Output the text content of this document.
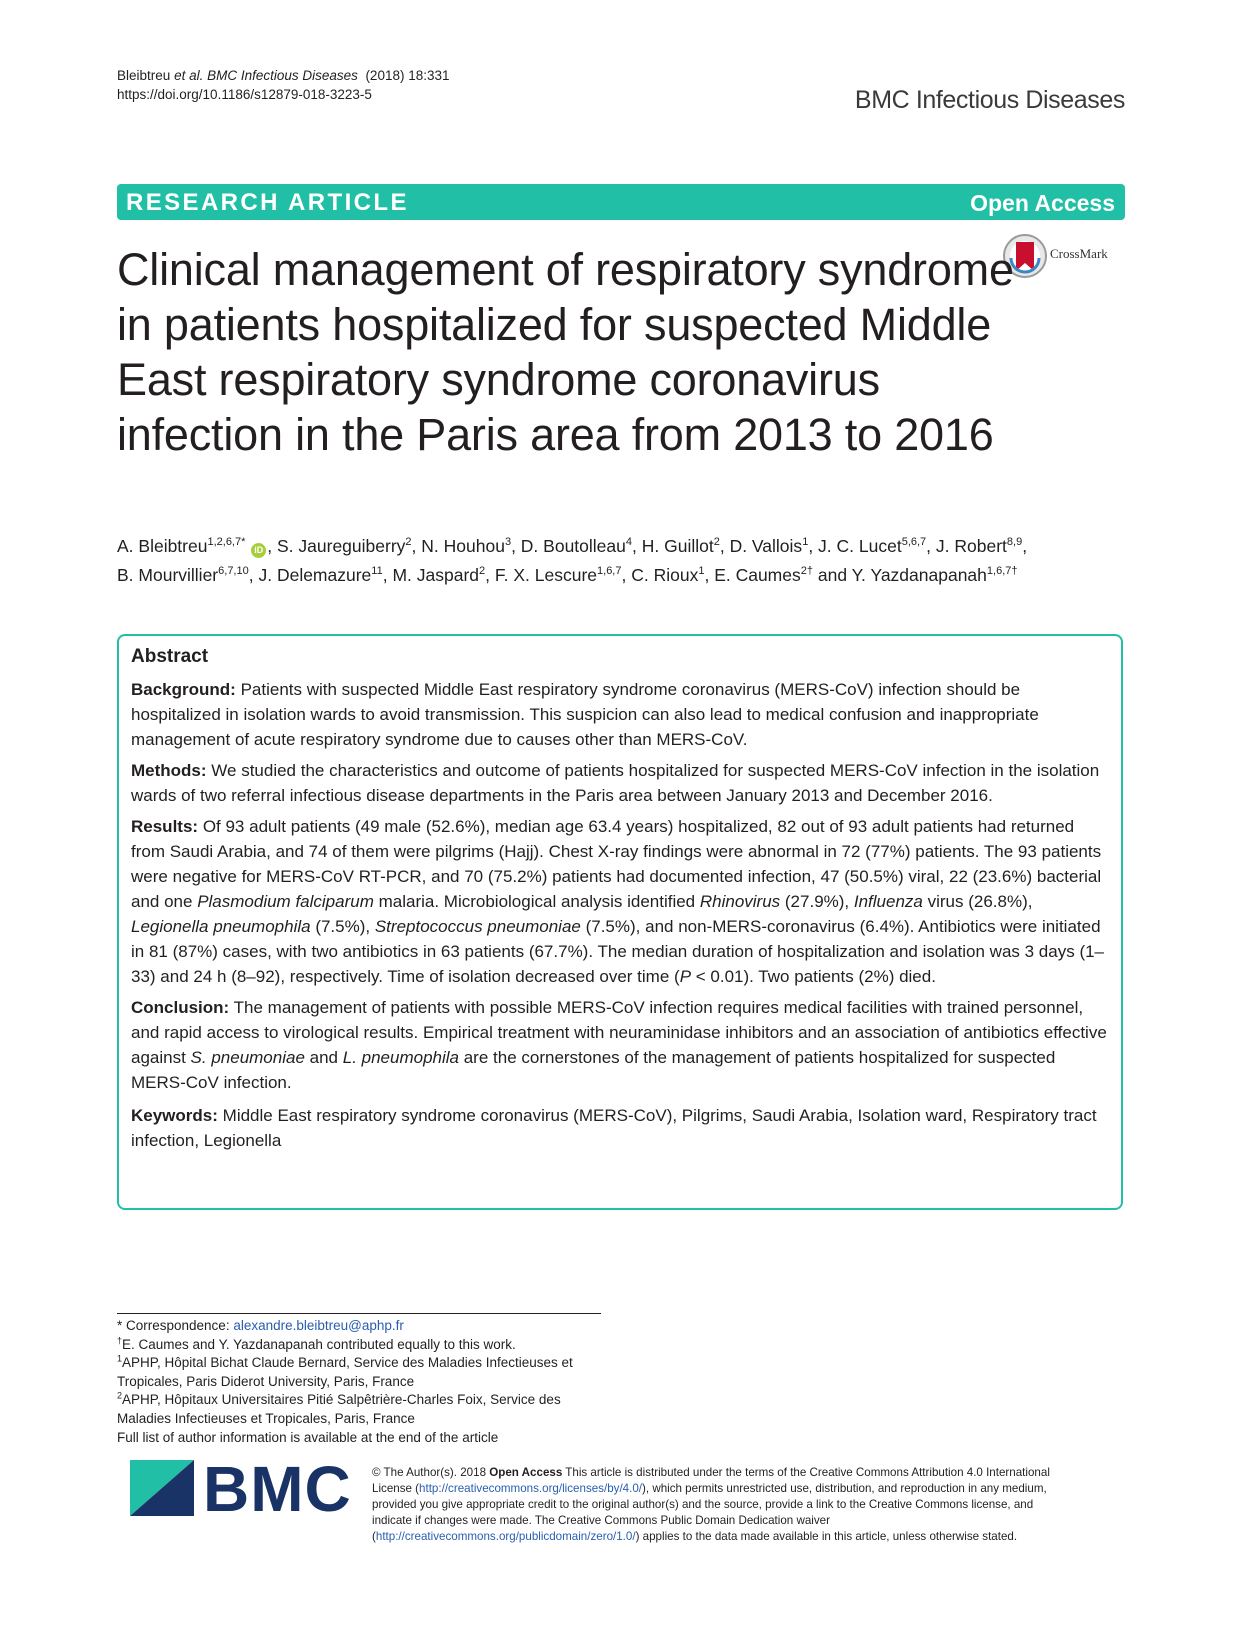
Bleibtreu et al. BMC Infectious Diseases (2018) 18:331
https://doi.org/10.1186/s12879-018-3223-5	BMC Infectious Diseases
RESEARCH ARTICLE	Open Access
CrossMark
Clinical management of respiratory syndrome in patients hospitalized for suspected Middle East respiratory syndrome coronavirus infection in the Paris area from 2013 to 2016
A. Bleibtreu$^{1,2,6,7*}$ iD , S. Jaureguiberry$^2$, N. Houhou$^3$, D. Boutolleau$^4$, H. Guillot$^2$, D. Vallois$^1$, J. C. Lucet$^{5,6,7}$, J. Robert$^{8,9}$,
B. Mourvillier$^{6,7,10}$, J. Delemazure$^{11}$, M. Jaspard$^2$, F. X. Lescure$^{1,6,7}$, C. Rioux$^1$, E. Caumes$^{2\dagger}$ and Y. Yazdanapanah$^{1,6,7\dagger}$
Abstract

Background: Patients with suspected Middle East respiratory syndrome coronavirus (MERS-CoV) infection should be hospitalized in isolation wards to avoid transmission. This suspicion can also lead to medical confusion and inappropriate management of acute respiratory syndrome due to causes other than MERS-CoV.

Methods: We studied the characteristics and outcome of patients hospitalized for suspected MERS-CoV infection in the isolation wards of two referral infectious disease departments in the Paris area between January 2013 and December 2016.

Results: Of 93 adult patients (49 male (52.6%), median age 63.4 years) hospitalized, 82 out of 93 adult patients had returned from Saudi Arabia, and 74 of them were pilgrims (Hajj). Chest X-ray findings were abnormal in 72 (77%) patients. The 93 patients were negative for MERS-CoV RT-PCR, and 70 (75.2%) patients had documented infection, 47 (50.5%) viral, 22 (23.6%) bacterial and one Plasmodium falciparum malaria. Microbiological analysis identified Rhinovirus (27.9%), Influenza virus (26.8%), Legionella pneumophila (7.5%), Streptococcus pneumoniae (7.5%), and non-MERS-coronavirus (6.4%). Antibiotics were initiated in 81 (87%) cases, with two antibiotics in 63 patients (67.7%). The median duration of hospitalization and isolation was 3 days (1–33) and 24 h (8–92), respectively. Time of isolation decreased over time (P < 0.01). Two patients (2%) died.

Conclusion: The management of patients with possible MERS-CoV infection requires medical facilities with trained personnel, and rapid access to virological results. Empirical treatment with neuraminidase inhibitors and an association of antibiotics effective against S. pneumoniae and L. pneumophila are the cornerstones of the management of patients hospitalized for suspected MERS-CoV infection.

Keywords: Middle East respiratory syndrome coronavirus (MERS-CoV), Pilgrims, Saudi Arabia, Isolation ward, Respiratory tract infection, Legionella

* Correspondence: alexandre.bleibtreu@aphp.fr
†E. Caumes and Y. Yazdanapanah contributed equally to this work.
$^1$APHP, Hôpital Bichat Claude Bernard, Service des Maladies Infectieuses et Tropicales, Paris Diderot University, Paris, France
$^2$APHP, Hôpitaux Universitaires Pitié Salpêtrière-Charles Foix, Service des Maladies Infectieuses et Tropicales, Paris, France
Full list of author information is available at the end of the article
BMC © The Author(s). 2018 Open Access This article is distributed under the terms of the Creative Commons Attribution 4.0 International License (http://creativecommons.org/licenses/by/4.0/), which permits unrestricted use, distribution, and reproduction in any medium, provided you give appropriate credit to the original author(s) and the source, provide a link to the Creative Commons license, and indicate if changes were made. The Creative Commons Public Domain Dedication waiver (http://creativecommons.org/publicdomain/zero/1.0/) applies to the data made available in this article, unless otherwise stated.
